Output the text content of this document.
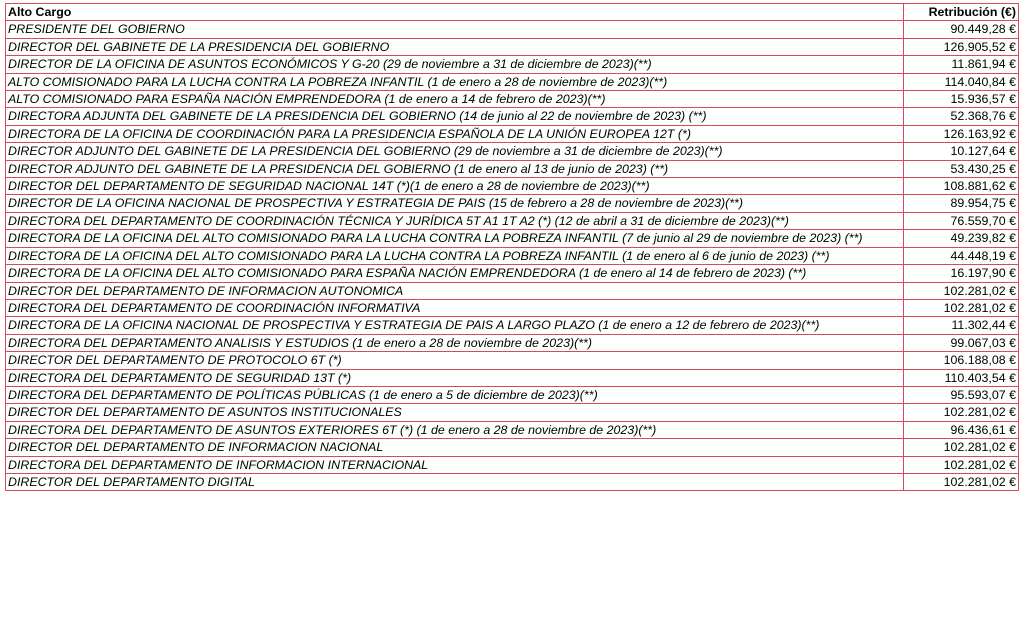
Alto Cargo	Retribución (€)
PRESIDENTE DEL GOBIERNO	90.449,28 €
DIRECTOR DEL GABINETE DE LA PRESIDENCIA DEL GOBIERNO	126.905,52 €
DIRECTOR DE LA OFICINA DE ASUNTOS ECONÓMICOS Y G-20 (29 de noviembre a 31 de diciembre de 2023)(**)	11.861,94 €
ALTO COMISIONADO PARA LA LUCHA CONTRA LA POBREZA INFANTIL (1 de enero a 28 de noviembre de 2023)(**)	114.040,84 €
ALTO COMISIONADO PARA ESPAÑA NACIÓN EMPRENDEDORA (1 de enero a 14 de febrero de 2023)(**)	15.936,57 €
DIRECTORA ADJUNTA DEL GABINETE DE LA PRESIDENCIA DEL GOBIERNO (14 de junio al 22 de noviembre de 2023) (**)	52.368,76 €
DIRECTORA DE LA OFICINA DE COORDINACIÓN PARA LA PRESIDENCIA ESPAÑOLA DE LA UNIÓN EUROPEA 12T (*)	126.163,92 €
DIRECTOR ADJUNTO DEL GABINETE DE LA PRESIDENCIA DEL GOBIERNO (29 de noviembre a 31 de diciembre de 2023)(**)	10.127,64 €
DIRECTOR ADJUNTO DEL GABINETE DE LA PRESIDENCIA DEL GOBIERNO (1 de enero al 13 de junio de 2023) (**)	53.430,25 €
DIRECTOR DEL DEPARTAMENTO DE SEGURIDAD NACIONAL 14T (*)(1 de enero a 28 de noviembre de 2023)(**)	108.881,62 €
DIRECTOR DE LA OFICINA NACIONAL DE PROSPECTIVA Y ESTRATEGIA DE PAIS (15 de febrero a 28 de noviembre de 2023)(**)	89.954,75 €
DIRECTORA DEL DEPARTAMENTO DE COORDINACIÓN TÉCNICA Y JURÍDICA 5T A1 1T A2 (*) (12 de abril a 31 de diciembre de 2023)(**)	76.559,70 €
DIRECTORA DE LA OFICINA DEL ALTO COMISIONADO PARA LA LUCHA CONTRA LA POBREZA INFANTIL (7 de junio al 29 de noviembre de 2023) (**)	49.239,82 €
DIRECTORA DE LA OFICINA DEL ALTO COMISIONADO PARA LA LUCHA CONTRA LA POBREZA INFANTIL (1 de enero al 6 de junio de 2023) (**)	44.448,19 €
DIRECTORA DE LA OFICINA DEL ALTO COMISIONADO PARA ESPAÑA NACIÓN EMPRENDEDORA (1 de enero al 14 de febrero de 2023) (**)	16.197,90 €
DIRECTOR DEL DEPARTAMENTO DE INFORMACION AUTONOMICA	102.281,02 €
DIRECTORA DEL DEPARTAMENTO DE COORDINACIÓN INFORMATIVA	102.281,02 €
DIRECTORA DE LA OFICINA NACIONAL DE PROSPECTIVA Y ESTRATEGIA DE PAIS A LARGO PLAZO (1 de enero a 12 de febrero de 2023)(**)	11.302,44 €
DIRECTORA DEL DEPARTAMENTO ANALISIS Y ESTUDIOS (1 de enero a 28 de noviembre de 2023)(**)	99.067,03 €
DIRECTOR DEL DEPARTAMENTO DE PROTOCOLO 6T (*)	106.188,08 €
DIRECTORA DEL DEPARTAMENTO DE SEGURIDAD 13T (*)	110.403,54 €
DIRECTORA DEL DEPARTAMENTO DE POLÍTICAS PÚBLICAS (1 de enero a 5 de diciembre de 2023)(**)	95.593,07 €
DIRECTOR DEL DEPARTAMENTO DE ASUNTOS INSTITUCIONALES	102.281,02 €
DIRECTORA DEL DEPARTAMENTO DE ASUNTOS EXTERIORES 6T (*) (1 de enero a 28 de noviembre de 2023)(**)	96.436,61 €
DIRECTOR DEL DEPARTAMENTO DE INFORMACION NACIONAL	102.281,02 €
DIRECTORA DEL DEPARTAMENTO DE INFORMACION INTERNACIONAL	102.281,02 €
DIRECTOR DEL DEPARTAMENTO DIGITAL	102.281,02 €
